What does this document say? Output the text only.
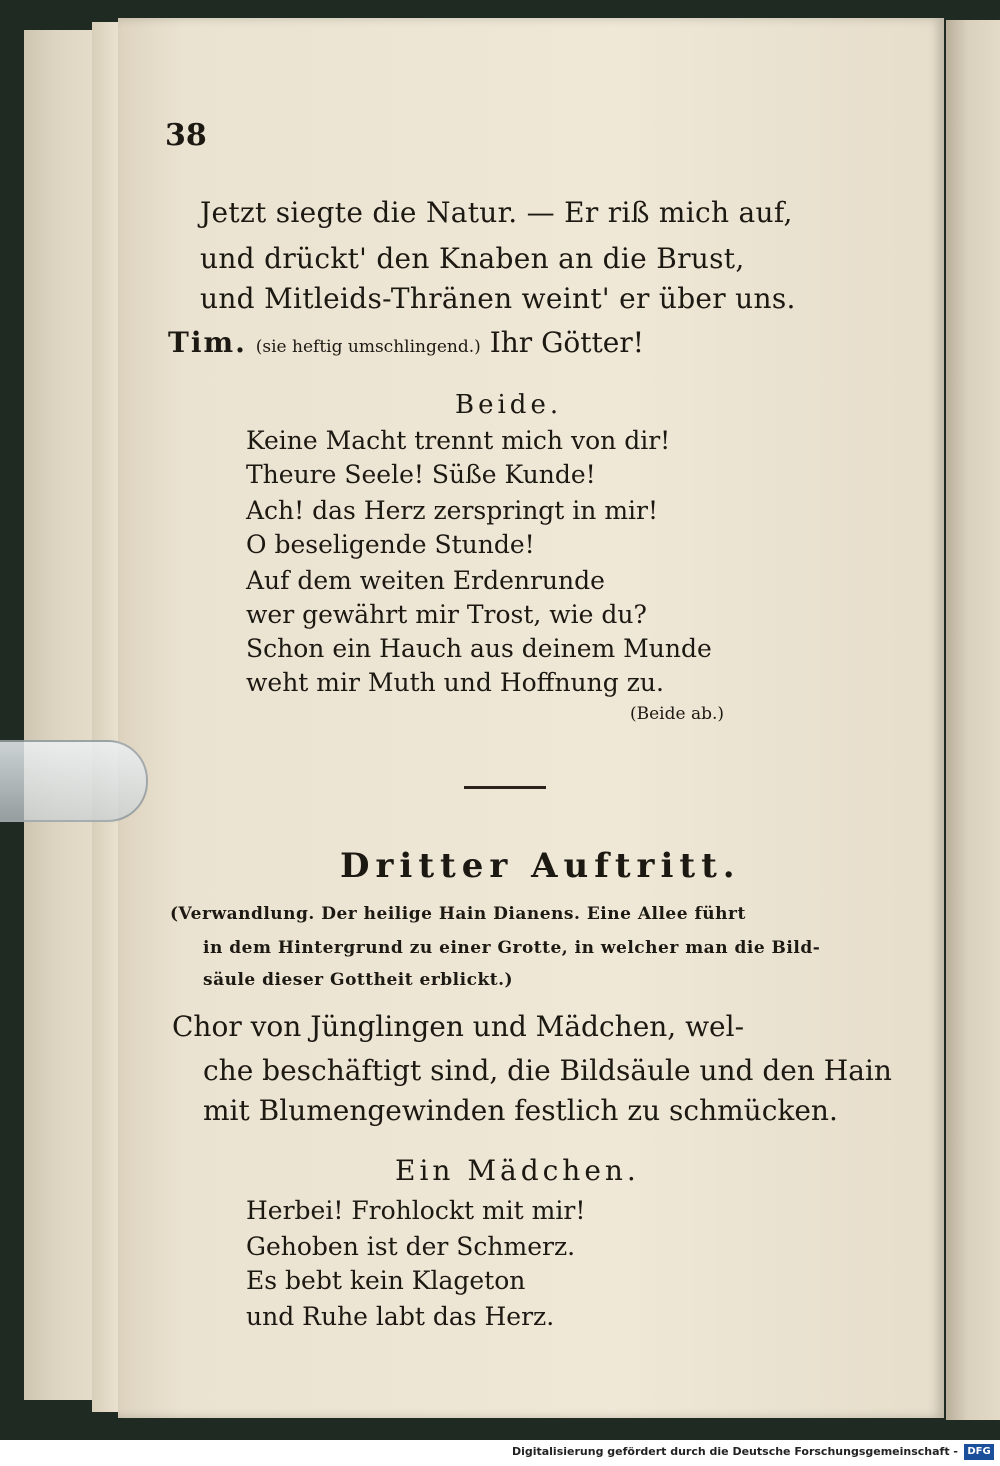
38
Jetzt siegte die Natur. — Er riß mich auf,
und drückt' den Knaben an die Brust,
und Mitleids-Thränen weint' er über uns.
Tim. (sie heftig umschlingend.) Ihr Götter!
Beide.
Keine Macht trennt mich von dir!
Theure Seele! Süße Kunde!
Ach! das Herz zerspringt in mir!
O beseligende Stunde!
Auf dem weiten Erdenrunde
wer gewährt mir Trost, wie du?
Schon ein Hauch aus deinem Munde
weht mir Muth und Hoffnung zu.
(Beide ab.)
Dritter Auftritt.
(Verwandlung. Der heilige Hain Dianens. Eine Allee führt
in dem Hintergrund zu einer Grotte, in welcher man die Bild-
säule dieser Gottheit erblickt.)
Chor von Jünglingen und Mädchen, wel-
che beschäftigt sind, die Bildsäule und den Hain
mit Blumengewinden festlich zu schmücken.
Ein Mädchen.
Herbei! Frohlockt mit mir!
Gehoben ist der Schmerz.
Es bebt kein Klageton
und Ruhe labt das Herz.
Digitalisierung gefördert durch die Deutsche Forschungsgemeinschaft - DFG
